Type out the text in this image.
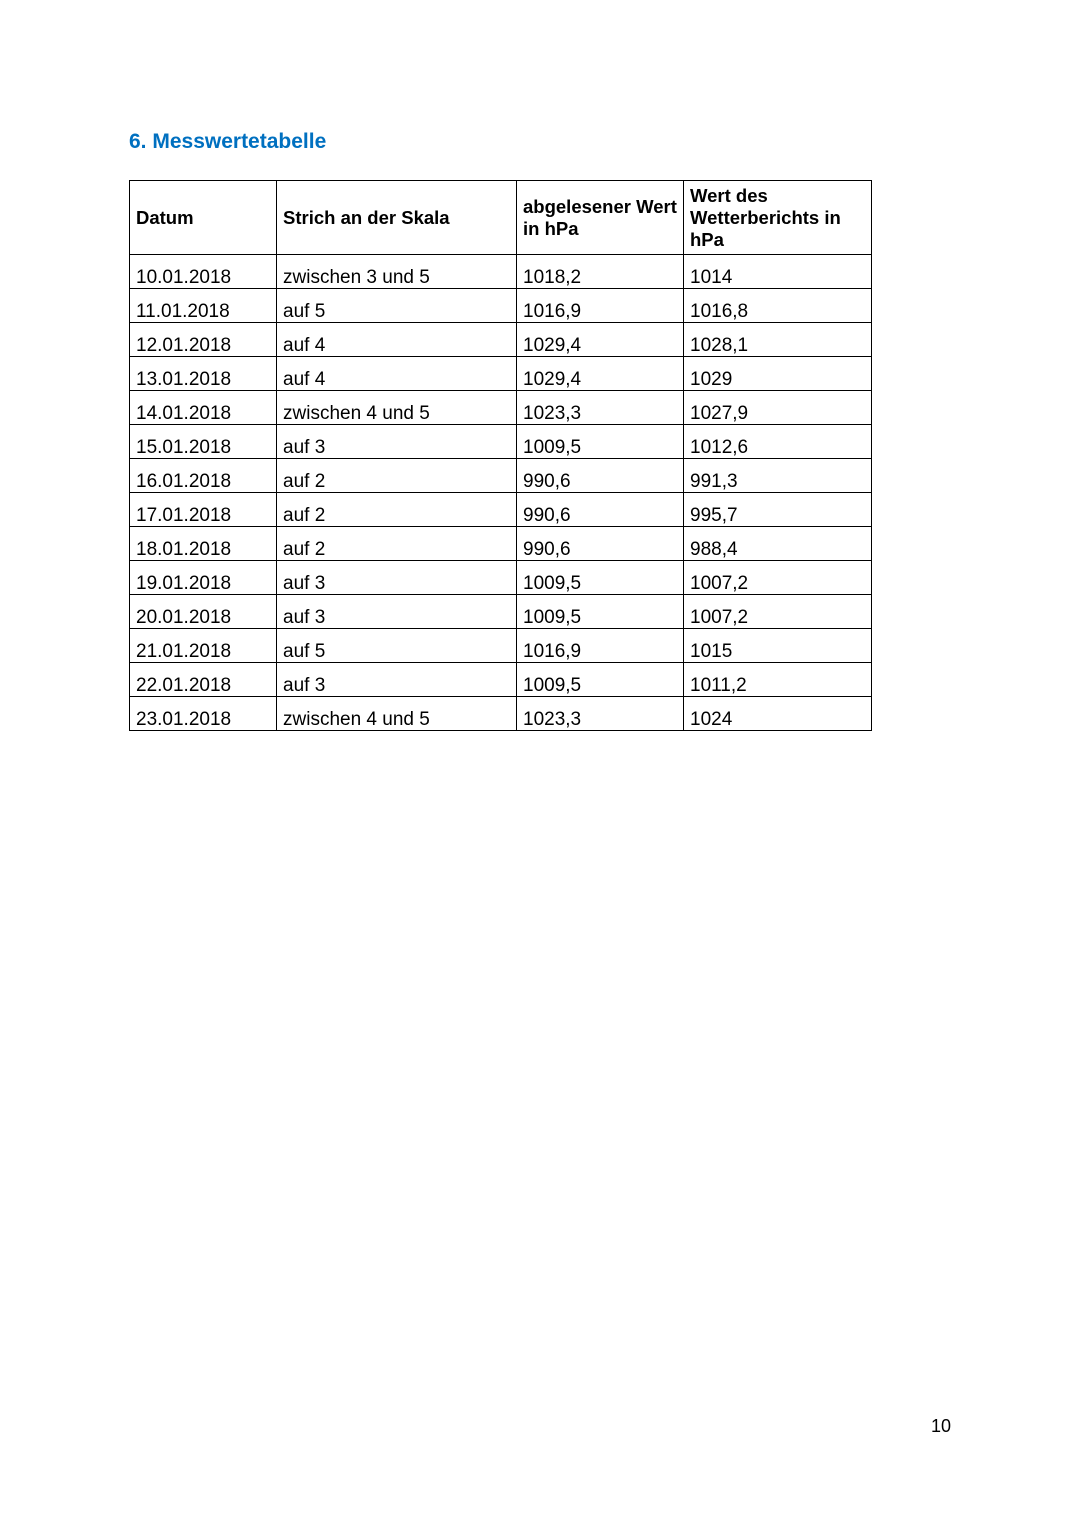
6. Messwertetabelle
Datum	Strich an der Skala	abgelesener Wert in hPa	Wert des Wetterberichts in hPa
10.01.2018	zwischen 3 und 5	1018,2	1014
11.01.2018	auf 5	1016,9	1016,8
12.01.2018	auf 4	1029,4	1028,1
13.01.2018	auf 4	1029,4	1029
14.01.2018	zwischen 4 und 5	1023,3	1027,9
15.01.2018	auf 3	1009,5	1012,6
16.01.2018	auf 2	990,6	991,3
17.01.2018	auf 2	990,6	995,7
18.01.2018	auf 2	990,6	988,4
19.01.2018	auf 3	1009,5	1007,2
20.01.2018	auf 3	1009,5	1007,2
21.01.2018	auf 5	1016,9	1015
22.01.2018	auf 3	1009,5	1011,2
23.01.2018	zwischen 4 und 5	1023,3	1024
10
